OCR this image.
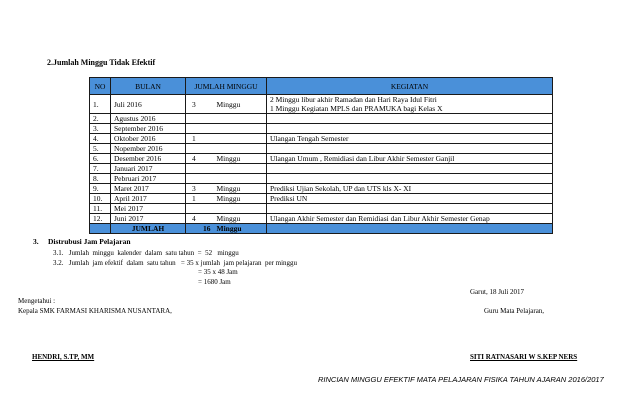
2.Jumlah Minggu Tidak Efektif
NO	BULAN	JUMLAH MINGGU		KEGIATAN
1.	Juli 2016	3	Minggu	2 Minggu libur akhir Ramadan dan Hari Raya Idul Fitri
1 Minggu Kegiatan MPLS dan PRAMUKA bagi Kelas X

2.	Agustus 2016			

3.	September 2016			

4.	Oktober 2016	1		Ulangan Tengah Semester

5.	Nopember 2016			

6.	Desember 2016	4	Minggu	Ulangan Umum , Remidiasi dan Libur Akhir Semester Ganjil

7.	Januari 2017			

8.	Pebruari 2017			

9.	Maret 2017	3	Minggu	Prediksi Ujian Sekolah, UP dan UTS kls X- XI

10.	April 2017	1	Minggu	Prediksi UN

11.	Mei 2017			

12.	Juni 2017	4	Minggu	Ulangan Akhir Semester dan Remidiasi dan Libur Akhir Semester Genap

	JUMLAH	16	Minggu	
3. Distrubusi Jam Pelajaran
3.1.   Jumlah  minggu  kalender  dalam  satu tahun  =  52   minggu
3.2.   Jumlah  jam efektif  dalam  satu tahun   = 35 x jumlah  jam pelajaran  per minggu
= 35 x 48 Jam
= 1680 Jam
Garut, 18 Juli 2017
Mengetahui :
Kepala SMK FARMASI KHARISMA NUSANTARA,	Guru Mata Pelajaran,
HENDRI, S.TP, MM	SITI RATNASARI W S.KEP NERS
RINCIAN MINGGU EFEKTIF MATA PELAJARAN FISIKA TAHUN AJARAN 2016/2017
